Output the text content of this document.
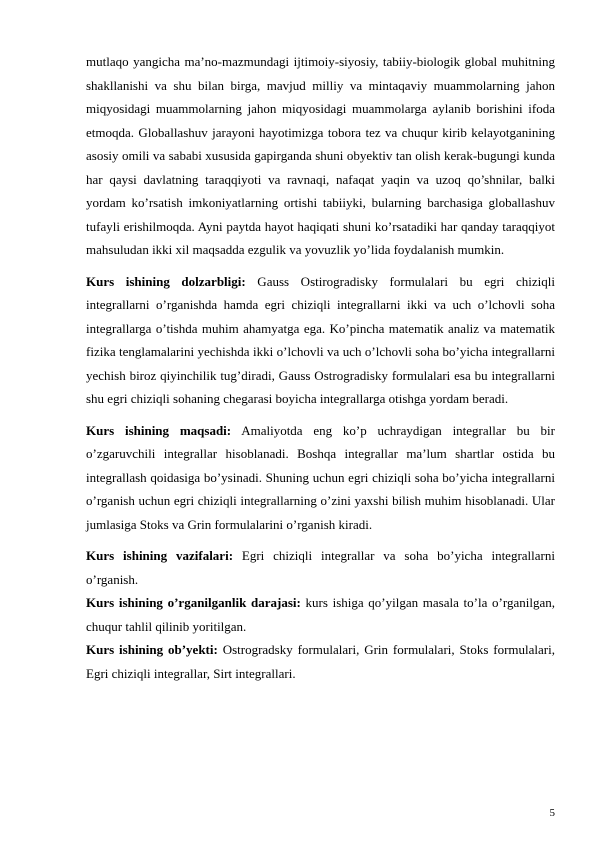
mutlaqo yangicha ma’no-mazmundagi ijtimoiy-siyosiy, tabiiy-biologik global muhitning shakllanishi va shu bilan birga, mavjud milliy va mintaqaviy muammolarning jahon miqyosidagi muammolarning jahon miqyosidagi muammolarga aylanib borishini ifoda etmoqda. Globallashuv jarayoni hayotimizga tobora tez va chuqur kirib kelayotganining asosiy omili va sababi xususida gapirganda shuni obyektiv tan olish kerak-bugungi kunda har qaysi davlatning taraqqiyoti va ravnaqi, nafaqat yaqin va uzoq qo’shnilar, balki yordam ko’rsatish imkoniyatlarning ortishi tabiiyki, bularning barchasiga globallashuv tufayli erishilmoqda. Ayni paytda hayot haqiqati shuni ko’rsatadiki har qanday taraqqiyot mahsuludan ikki xil maqsadda ezgulik va yovuzlik yo’lida foydalanish mumkin.

Kurs ishining dolzarbligi: Gauss Ostirogradisky formulalari bu egri chiziqli integrallarni o’rganishda hamda egri chiziqli integrallarni ikki va uch o’lchovli soha integrallarga o’tishda muhim ahamyatga ega. Ko’pincha matematik analiz va matematik fizika tenglamalarini yechishda ikki o’lchovli va uch o’lchovli soha bo’yicha integrallarni yechish biroz qiyinchilik tug’diradi, Gauss Ostrogradisky formulalari esa bu integrallarni shu egri chiziqli sohaning chegarasi boyicha integrallarga otishga yordam beradi.

Kurs ishining maqsadi: Amaliyotda eng ko’p uchraydigan integrallar bu bir o’zgaruvchili integrallar hisoblanadi. Boshqa integrallar ma’lum shartlar ostida bu integrallash qoidasiga bo’ysinadi. Shuning uchun egri chiziqli soha bo’yicha integrallarni o’rganish uchun egri chiziqli integrallarning o’zini yaxshi bilish muhim hisoblanadi. Ular jumlasiga Stoks va Grin formulalarini o’rganish kiradi.

Kurs ishining vazifalari: Egri chiziqli integrallar va soha bo’yicha integrallarni o’rganish.

Kurs ishining o’rganilganlik darajasi: kurs ishiga qo’yilgan masala to’la o’rganilgan, chuqur tahlil qilinib yoritilgan.

Kurs ishining ob’yekti: Ostrogradsky formulalari, Grin formulalari, Stoks formulalari, Egri chiziqli integrallar, Sirt integrallari.

5
